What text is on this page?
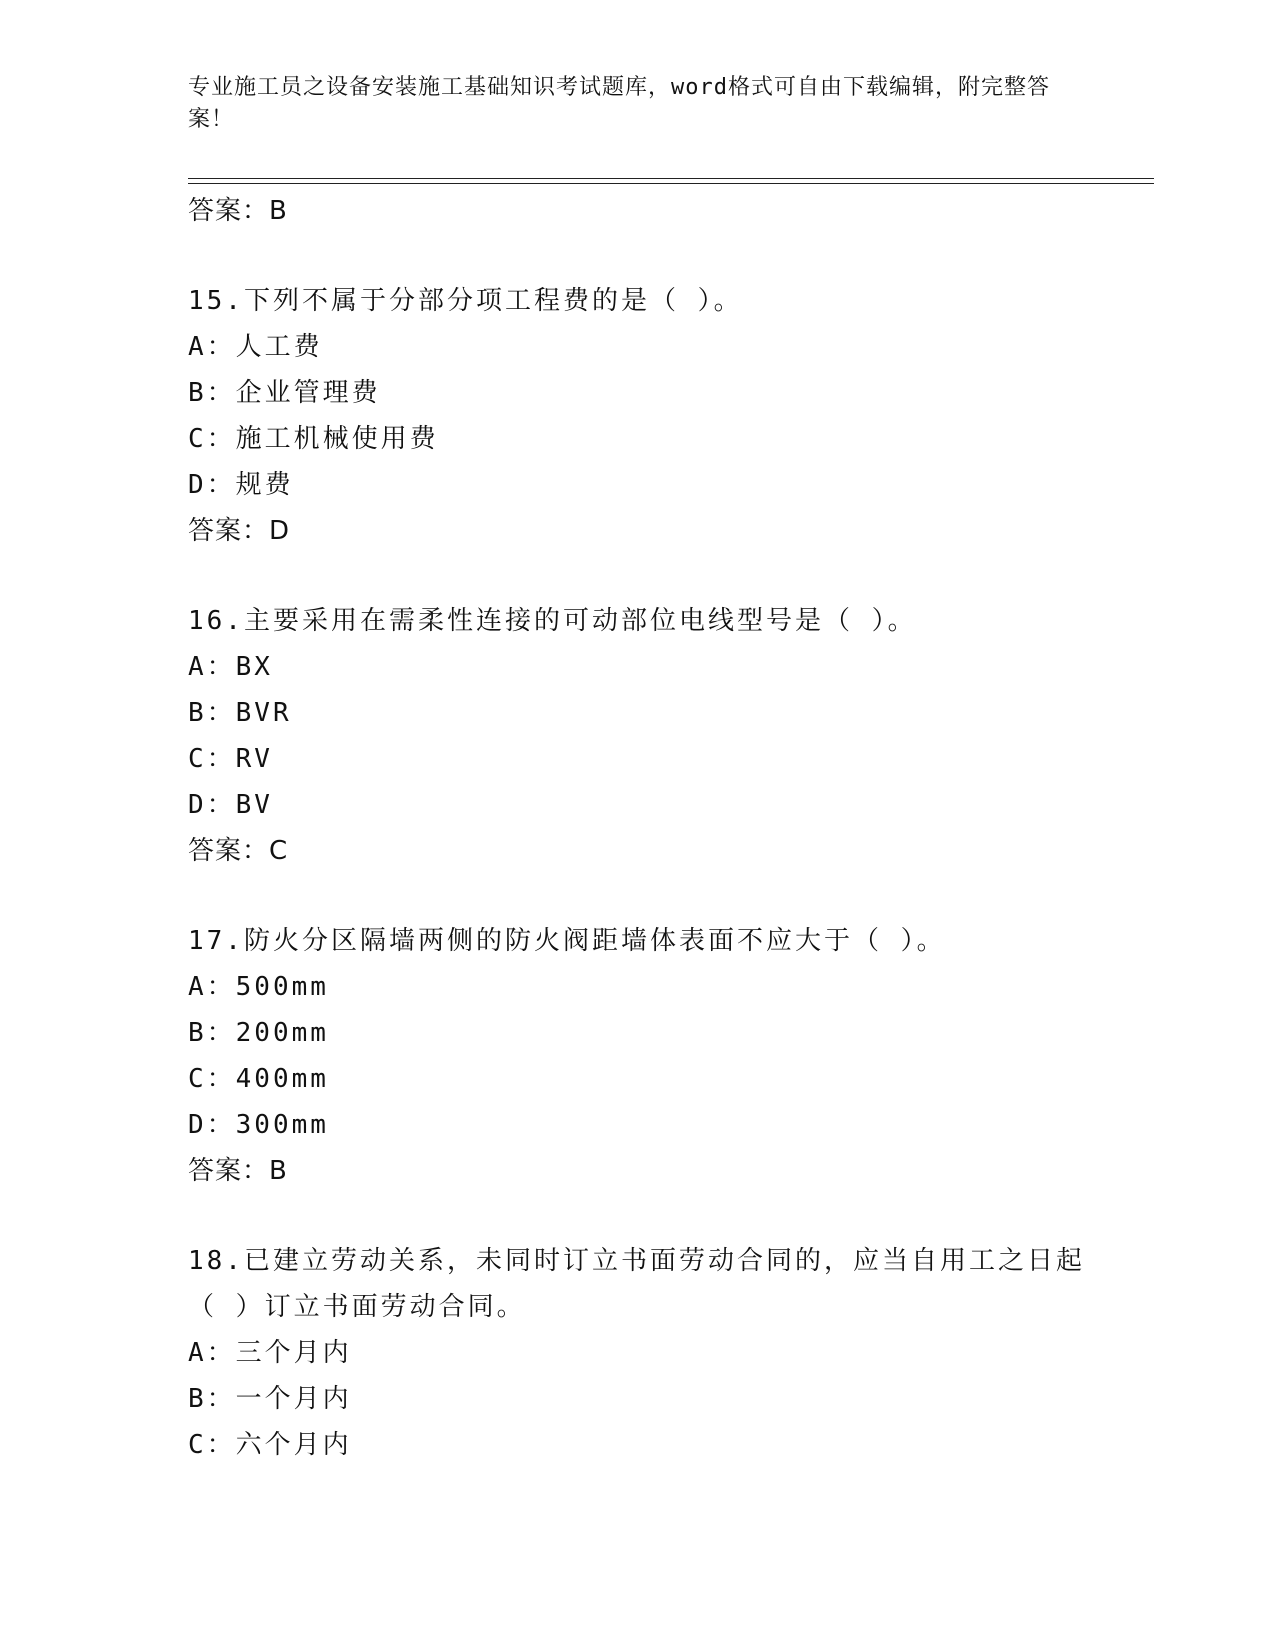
专业施工员之设备安装施工基础知识考试题库，word格式可自由下载编辑，附完整答案！
答案：B
15.下列不属于分部分项工程费的是（ ）。
A：人工费
B：企业管理费
C：施工机械使用费
D：规费
答案：D
16.主要采用在需柔性连接的可动部位电线型号是（ ）。
A：BX
B：BVR
C：RV
D：BV
答案：C
17.防火分区隔墙两侧的防火阀距墙体表面不应大于（ ）。
A：500mm
B：200mm
C：400mm
D：300mm
答案：B
18.已建立劳动关系，未同时订立书面劳动合同的，应当自用工之日起（ ）订立书面劳动合同。
A：三个月内
B：一个月内
C：六个月内
